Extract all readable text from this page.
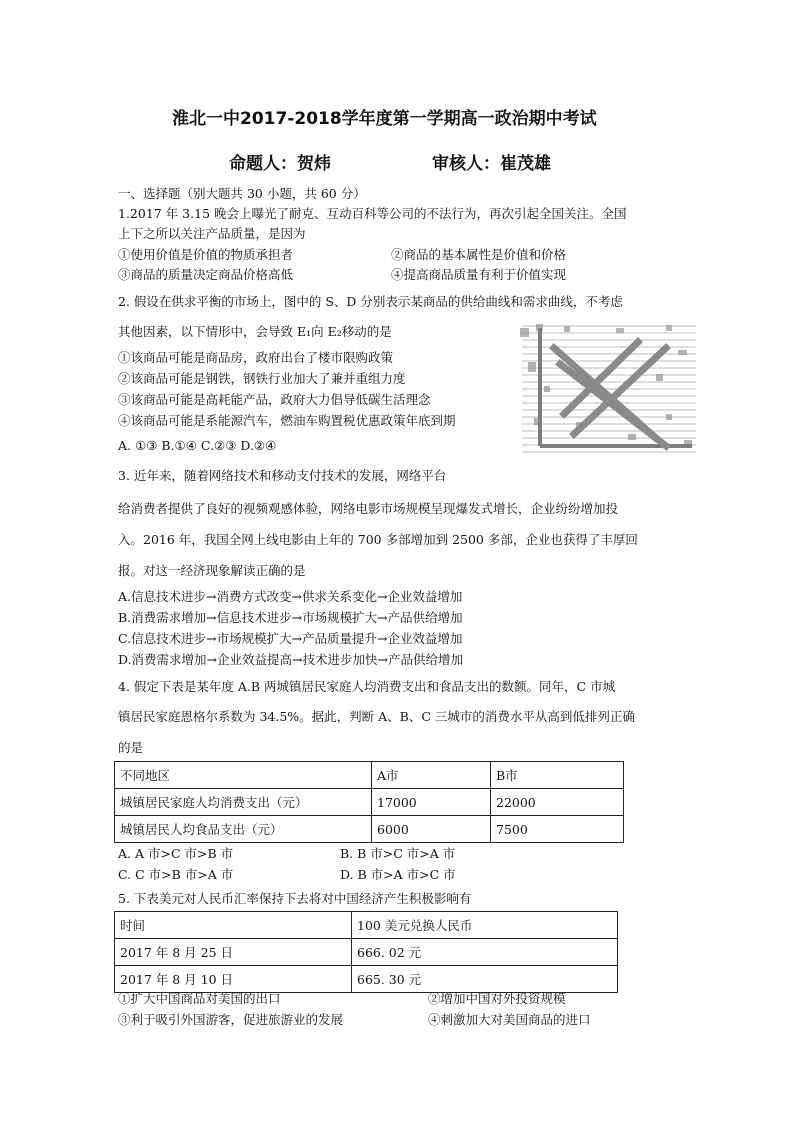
淮北一中2017-2018学年度第一学期高一政治期中考试
命题人：贺炜	审核人：崔茂雄
一、选择题（别大题共 30 小题，共 60 分）
1.2017 年 3.15 晚会上曝光了耐克、互动百科等公司的不法行为，再次引起全国关注。全国
上下之所以关注产品质量，是因为
①使用价值是价值的物质承担者	②商品的基本属性是价值和价格
③商品的质量决定商品价格高低	④提高商品质量有利于价值实现
2. 假设在供求平衡的市场上，图中的 S、D 分别表示某商品的供给曲线和需求曲线，不考虑
其他因素，以下情形中，会导致 E₁向 E₂移动的是
①该商品可能是商品房，政府出台了楼市限购政策
②该商品可能是钢铁，钢铁行业加大了兼并重组力度
③该商品可能是高耗能产品，政府大力倡导低碳生活理念
④该商品可能是系能源汽车，燃油车购置税优惠政策年底到期
A. ①③ B.①④ C.②③ D.②④
3. 近年来，随着网络技术和移动支付技术的发展，网络平台
给消费者提供了良好的视频观感体验，网络电影市场规模呈现爆发式增长，企业纷纷增加投
入。2016 年，我国全网上线电影由上年的 700 多部增加到 2500 多部，企业也获得了丰厚回
报。对这一经济现象解读正确的是
A.信息技术进步→消费方式改变→供求关系变化→企业效益增加
B.消费需求增加→信息技术进步→市场规模扩大→产品供给增加
C.信息技术进步→市场规模扩大→产品质量提升→企业效益增加
D.消费需求增加→企业效益提高→技术进步加快→产品供给增加
4. 假定下表是某年度 A.B 两城镇居民家庭人均消费支出和食品支出的数额。同年，C 市城
镇居民家庭恩格尔系数为 34.5%。据此，判断 A、B、C 三城市的消费水平从高到低排列正确
的是
不同地区	A市	B市
城镇居民家庭人均消费支出（元）	17000	22000
城镇居民人均食品支出（元）	6000	7500
A. A 市>C 市>B 市	B. B 市>C 市>A 市
C. C 市>B 市>A 市	D. B 市>A 市>C 市
5. 下表美元对人民币汇率保持下去将对中国经济产生积极影响有
时间	100 美元兑换人民币
2017 年 8 月 25 日	666. 02 元
2017 年 8 月 10 日	665. 30 元
①扩大中国商品对美国的出口	②增加中国对外投资规模
③利于吸引外国游客，促进旅游业的发展	④刺激加大对美国商品的进口
